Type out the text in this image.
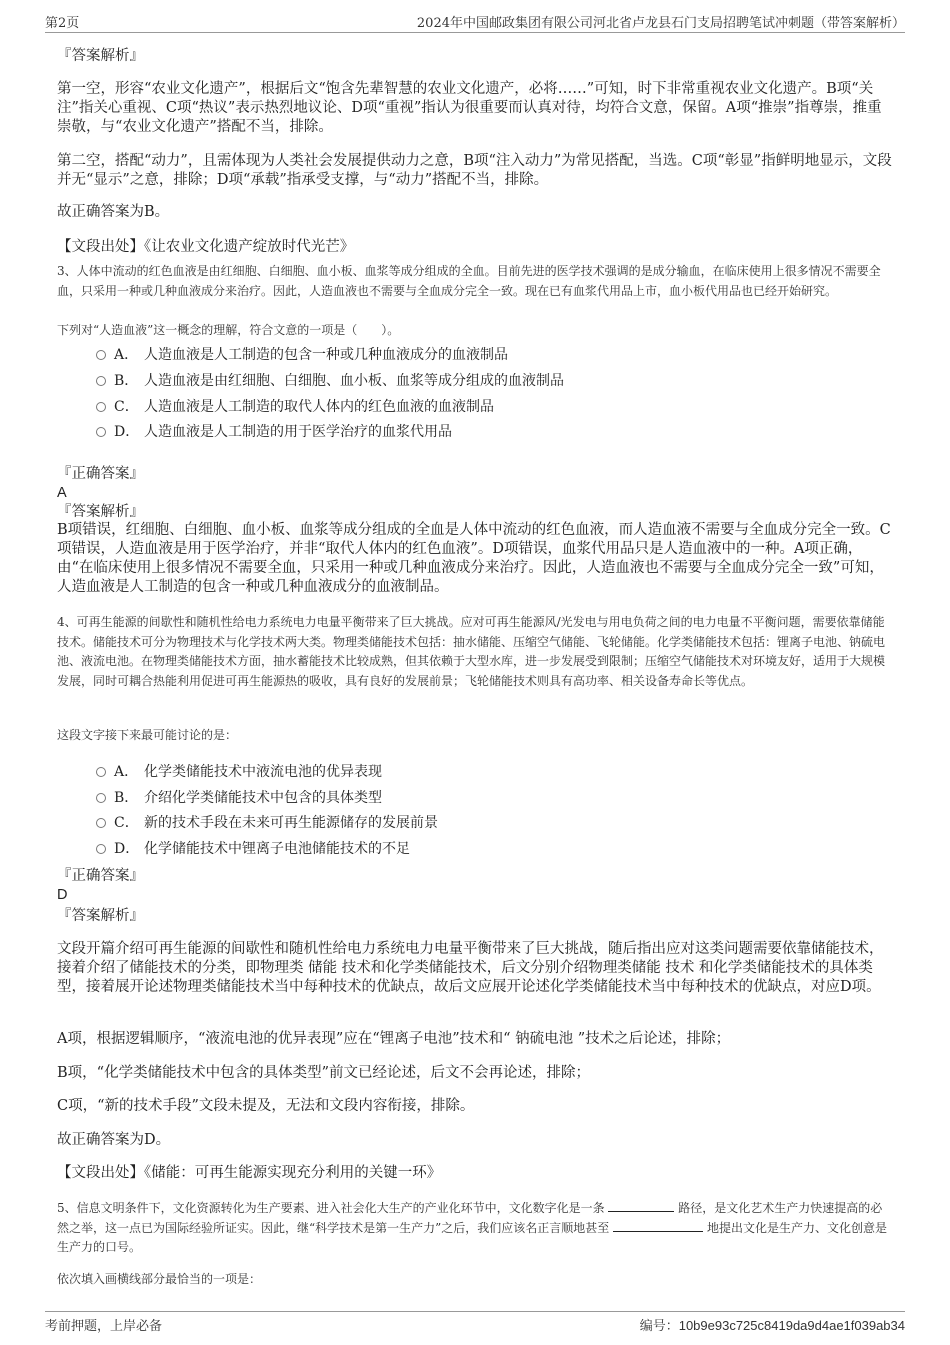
第2页	2024年中国邮政集团有限公司河北省卢龙县石门支局招聘笔试冲刺题（带答案解析）
『答案解析』
第一空，形容“农业文化遗产”，根据后文“饱含先辈智慧的农业文化遗产，必将……”可知，时下非常重视农业文化遗产。B项“关注”指关心重视、C项“热议”表示热烈地议论、D项“重视”指认为很重要而认真对待，均符合文意，保留。A项“推崇”指尊崇，推重崇敬，与“农业文化遗产”搭配不当，排除。
第二空，搭配“动力”，且需体现为人类社会发展提供动力之意，B项“注入动力”为常见搭配，当选。C项“彰显”指鲜明地显示，文段并无“显示”之意，排除；D项“承载”指承受支撑，与“动力”搭配不当，排除。
故正确答案为B。
【文段出处】《让农业文化遗产绽放时代光芒》
3、人体中流动的红色血液是由红细胞、白细胞、血小板、血浆等成分组成的全血。目前先进的医学技术强调的是成分输血，在临床使用上很多情况不需要全血，只采用一种或几种血液成分来治疗。因此，人造血液也不需要与全血成分完全一致。现在已有血浆代用品上市，血小板代用品也已经开始研究。
下列对“人造血液”这一概念的理解，符合文意的一项是（　　）。
A． 人造血液是人工制造的包含一种或几种血液成分的血液制品
B． 人造血液是由红细胞、白细胞、血小板、血浆等成分组成的血液制品
C． 人造血液是人工制造的取代人体内的红色血液的血液制品
D． 人造血液是人工制造的用于医学治疗的血浆代用品
『正确答案』
A
『答案解析』
B项错误，红细胞、白细胞、血小板、血浆等成分组成的全血是人体中流动的红色血液，而人造血液不需要与全血成分完全一致。C项错误，人造血液是用于医学治疗，并非“取代人体内的红色血液”。D项错误，血浆代用品只是人造血液中的一种。A项正确，由“在临床使用上很多情况不需要全血，只采用一种或几种血液成分来治疗。因此，人造血液也不需要与全血成分完全一致”可知，人造血液是人工制造的包含一种或几种血液成分的血液制品。
4、可再生能源的间歇性和随机性给电力系统电力电量平衡带来了巨大挑战。应对可再生能源风/光发电与用电负荷之间的电力电量不平衡问题，需要依靠储能技术。储能技术可分为物理技术与化学技术两大类。物理类储能技术包括：抽水储能、压缩空气储能、飞轮储能。化学类储能技术包括：锂离子电池、钠硫电池、液流电池。在物理类储能技术方面，抽水蓄能技术比较成熟，但其依赖于大型水库，进一步发展受到限制；压缩空气储能技术对环境友好，适用于大规模发展，同时可耦合热能利用促进可再生能源热的吸收，具有良好的发展前景；飞轮储能技术则具有高功率、相关设备寿命长等优点。
这段文字接下来最可能讨论的是：
A． 化学类储能技术中液流电池的优异表现
B． 介绍化学类储能技术中包含的具体类型
C． 新的技术手段在未来可再生能源储存的发展前景
D． 化学储能技术中锂离子电池储能技术的不足
『正确答案』
D
『答案解析』
文段开篇介绍可再生能源的间歇性和随机性给电力系统电力电量平衡带来了巨大挑战，随后指出应对这类问题需要依靠储能技术，接着介绍了储能技术的分类，即物理类 储能 技术和化学类储能技术，后文分别介绍物理类储能 技术 和化学类储能技术的具体类型，接着展开论述物理类储能技术当中每种技术的优缺点，故后文应展开论述化学类储能技术当中每种技术的优缺点，对应D项。
A项，根据逻辑顺序，“液流电池的优异表现”应在“锂离子电池”技术和“ 钠硫电池 ”技术之后论述，排除；
B项，“化学类储能技术中包含的具体类型”前文已经论述，后文不会再论述，排除；
C项，“新的技术手段”文段未提及，无法和文段内容衔接，排除。
故正确答案为D。
【文段出处】《储能：可再生能源实现充分利用的关键一环》
5、信息文明条件下，文化资源转化为生产要素、进入社会化大生产的产业化环节中，文化数字化是一条	路径，是文化艺术生产力快速提高的必然之举，这一点已为国际经验所证实。因此，继“科学技术是第一生产力”之后，我们应该名正言顺地甚至	地提出文化是生产力、文化创意是生产力的口号。
依次填入画横线部分最恰当的一项是：
考前押题，上岸必备	编号：10b9e93c725c8419da9d4ae1f039ab34
